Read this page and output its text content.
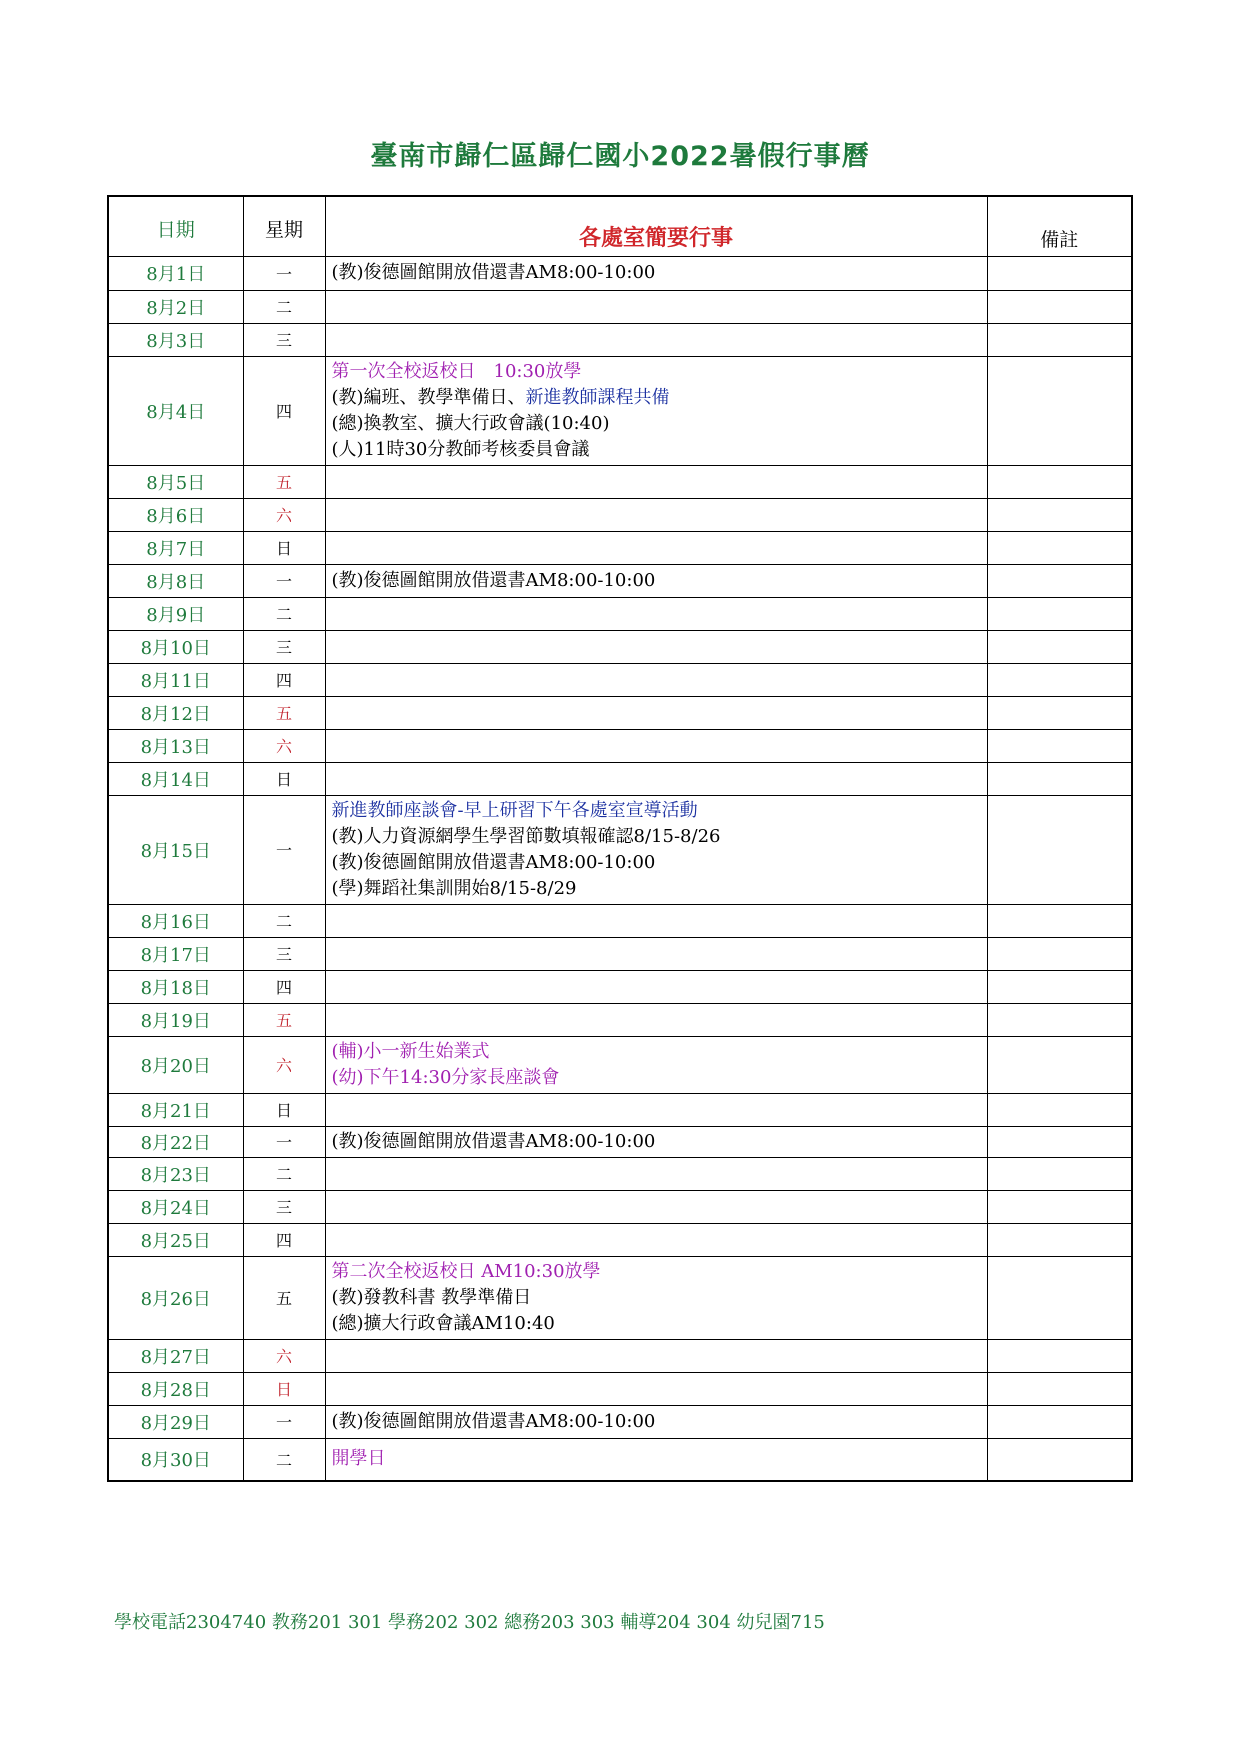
臺南市歸仁區歸仁國小2022暑假行事曆
日期	星期	各處室簡要行事	備註
8月1日	一	(教)俊德圖館開放借還書AM8:00-10:00	

8月2日	二		
8月3日	三		
8月4日	四	第一次全校返校日　10:30放學
(教)編班、教學準備日、新進教師課程共備
(總)換教室、擴大行政會議(10:40)
(人)11時30分教師考核委員會議	

8月5日	五		
8月6日	六		
8月7日	日		
8月8日	一	(教)俊德圖館開放借還書AM8:00-10:00	

8月9日	二		
8月10日	三		
8月11日	四		
8月12日	五		
8月13日	六		
8月14日	日		
8月15日	一	新進教師座談會-早上研習下午各處室宣導活動
(教)人力資源網學生學習節數填報確認8/15-8/26
(教)俊德圖館開放借還書AM8:00-10:00
(學)舞蹈社集訓開始8/15-8/29	

8月16日	二		
8月17日	三		
8月18日	四		
8月19日	五		
8月20日	六	(輔)小一新生始業式
(幼)下午14:30分家長座談會	

8月21日	日		
8月22日	一	(教)俊德圖館開放借還書AM8:00-10:00	

8月23日	二		
8月24日	三		
8月25日	四		
8月26日	五	第二次全校返校日 AM10:30放學
(教)發教科書 教學準備日
(總)擴大行政會議AM10:40	

8月27日	六		
8月28日	日		
8月29日	一	(教)俊德圖館開放借還書AM8:00-10:00	

8月30日	二	開學日	

學校電話2304740 教務201 301 學務202 302 總務203 303 輔導204 304 幼兒園715
